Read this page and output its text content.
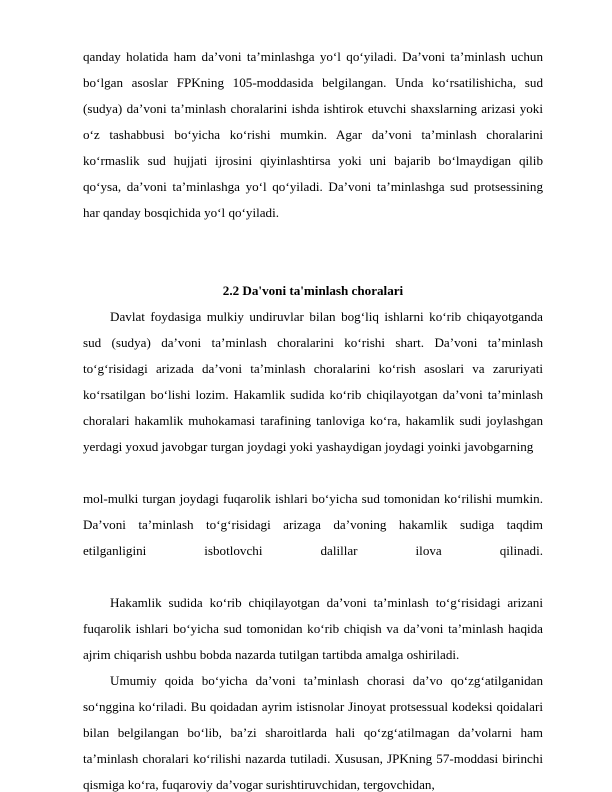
qanday holatida ham da’voni ta’minlashga yo‘l qo‘yiladi. Da’voni ta’minlash uchun bo‘lgan asoslar FPKning 105-moddasida belgilangan. Unda ko‘rsatilishicha, sud (sudya) da’voni ta’minlash choralarini ishda ishtirok etuvchi shaxslarning arizasi yoki o‘z tashabbusi bo‘yicha ko‘rishi mumkin. Agar da’voni ta’minlash choralarini ko‘rmaslik sud hujjati ijrosini qiyinlashtirsa yoki uni bajarib bo‘lmaydigan qilib qo‘ysa, da’voni ta’minlashga yo‘l qo‘yiladi. Da’voni ta’minlashga sud protsessining har qanday bosqichida yo‘l qo‘yiladi.

2.2 Da'voni ta'minlash choralari

Davlat foydasiga mulkiy undiruvlar bilan bog‘liq ishlarni ko‘rib chiqayotganda sud (sudya) da’voni ta’minlash choralarini ko‘rishi shart. Da’voni ta’minlash to‘g‘risidagi arizada da’voni ta’minlash choralarini ko‘rish asoslari va zaruriyati ko‘rsatilgan bo‘lishi lozim. Hakamlik sudida ko‘rib chiqilayotgan da’voni ta’minlash choralari hakamlik muhokamasi tarafining tanloviga ko‘ra, hakamlik sudi joylashgan yerdagi yoxud javobgar turgan joydagi yoki yashaydigan joydagi yoinki javobgarning

mol-mulki turgan joydagi fuqarolik ishlari bo‘yicha sud tomonidan ko‘rilishi mumkin. Da’voni ta’minlash to‘g‘risidagi arizaga da’voning hakamlik sudiga taqdim etilganligini isbotlovchi dalillar ilova qilinadi.

Hakamlik sudida ko‘rib chiqilayotgan da’voni ta’minlash to‘g‘risidagi arizani fuqarolik ishlari bo‘yicha sud tomonidan ko‘rib chiqish va da’voni ta’minlash haqida ajrim chiqarish ushbu bobda nazarda tutilgan tartibda amalga oshiriladi.

Umumiy qoida bo‘yicha da’voni ta’minlash chorasi da’vo qo‘zg‘atilganidan so‘nggina ko‘riladi. Bu qoidadan ayrim istisnolar Jinoyat protsessual kodeksi qoidalari bilan belgilangan bo‘lib, ba’zi sharoitlarda hali qo‘zg‘atilmagan da’volarni ham ta’minlash choralari ko‘rilishi nazarda tutiladi. Xususan, JPKning 57-moddasi birinchi qismiga ko‘ra, fuqaroviy da’vogar surishtiruvchidan, tergovchidan,
